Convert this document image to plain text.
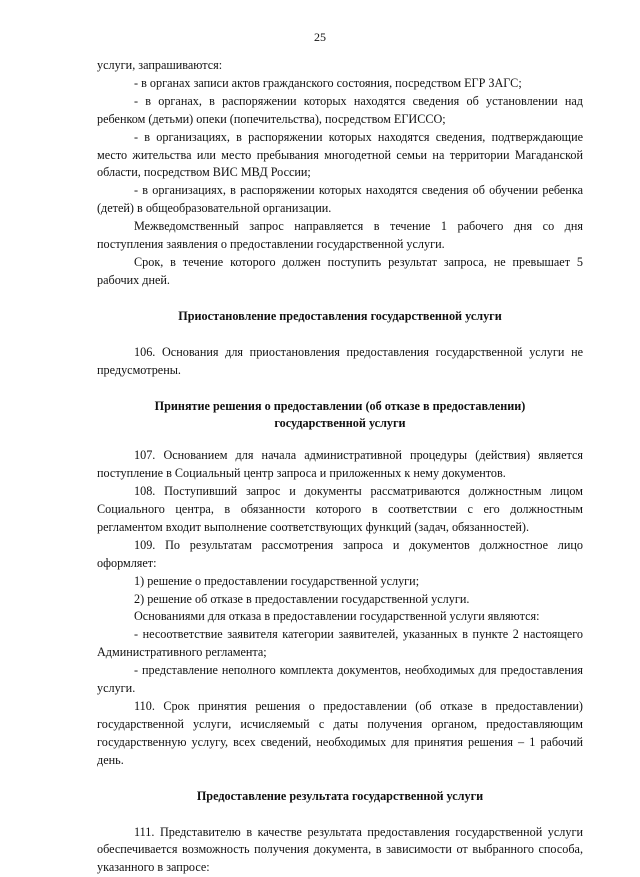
25

услуги, запрашиваются:

- в органах записи актов гражданского состояния, посредством ЕГР ЗАГС;

- в органах, в распоряжении которых находятся сведения об установлении над ребенком (детьми) опеки (попечительства), посредством ЕГИССО;

- в организациях, в распоряжении которых находятся сведения, подтверждающие место жительства или место пребывания многодетной семьи на территории Магаданской области, посредством ВИС МВД России;

- в организациях, в распоряжении которых находятся сведения об обучении ребенка (детей) в общеобразовательной организации.

Межведомственный запрос направляется в течение 1 рабочего дня со дня поступления заявления о предоставлении государственной услуги.

Срок, в течение которого должен поступить результат запроса, не превышает 5 рабочих дней.

Приостановление предоставления государственной услуги

106. Основания для приостановления предоставления государственной услуги не предусмотрены.

Принятие решения о предоставлении (об отказе в предоставлении)

государственной услуги

107. Основанием для начала административной процедуры (действия) является поступление в Социальный центр запроса и приложенных к нему документов.

108. Поступивший запрос и документы рассматриваются должностным лицом Социального центра, в обязанности которого в соответствии с его должностным регламентом входит выполнение соответствующих функций (задач, обязанностей).

109. По результатам рассмотрения запроса и документов должностное лицо оформляет:

1) решение о предоставлении государственной услуги;

2) решение об отказе в предоставлении государственной услуги.

Основаниями для отказа в предоставлении государственной услуги являются:

- несоответствие заявителя категории заявителей, указанных в пункте 2 настоящего Административного регламента;

- представление неполного комплекта документов, необходимых для предоставления услуги.

110. Срок принятия решения о предоставлении (об отказе в предоставлении) государственной услуги, исчисляемый с даты получения органом, предоставляющим государственную услугу, всех сведений, необходимых для принятия решения – 1 рабочий день.

Предоставление результата государственной услуги

111. Представителю в качестве результата предоставления государственной услуги обеспечивается возможность получения документа, в зависимости от выбранного способа, указанного в запросе:
